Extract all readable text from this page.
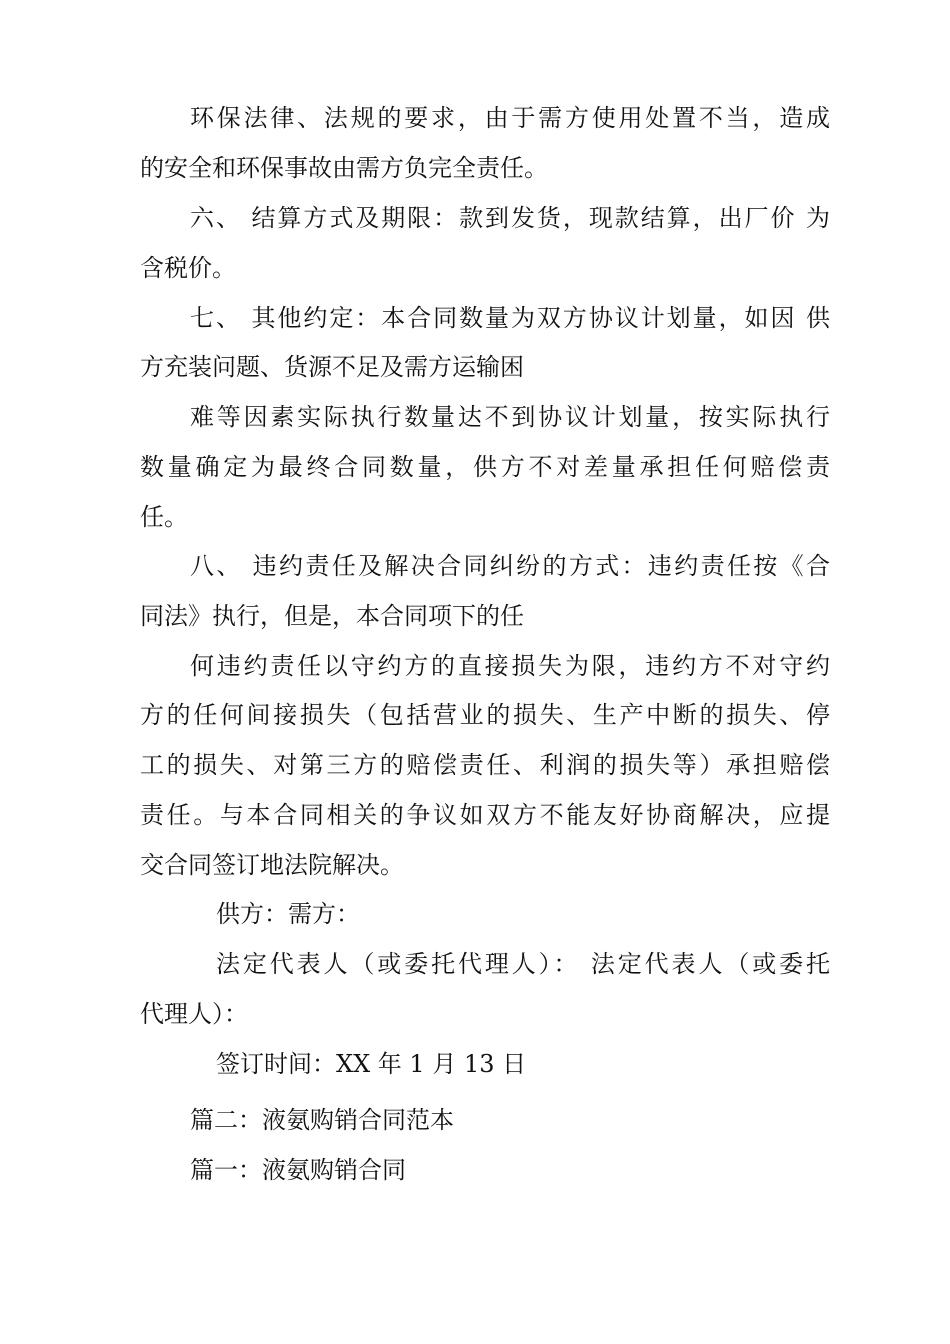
环保法律、法规的要求，由于需方使用处置不当，造成
的安全和环保事故由需方负完全责任。
六、 结算方式及期限：款到发货，现款结算，出厂价 为
含税价。
七、 其他约定：本合同数量为双方协议计划量，如因 供
方充装问题、货源不足及需方运输困
难等因素实际执行数量达不到协议计划量，按实际执行
数量确定为最终合同数量，供方不对差量承担任何赔偿责
任。
八、 违约责任及解决合同纠纷的方式：违约责任按《合
同法》执行，但是，本合同项下的任
何违约责任以守约方的直接损失为限，违约方不对守约
方的任何间接损失（包括营业的损失、生产中断的损失、停
工的损失、对第三方的赔偿责任、利润的损失等）承担赔偿
责任。与本合同相关的争议如双方不能友好协商解决，应提
交合同签订地法院解决。
供方：需方：
法定代表人（或委托代理人）： 法定代表人（或委托
代理人）：
签订时间：XX 年 1 月 13 日
篇二：液氨购销合同范本
篇一：液氨购销合同
